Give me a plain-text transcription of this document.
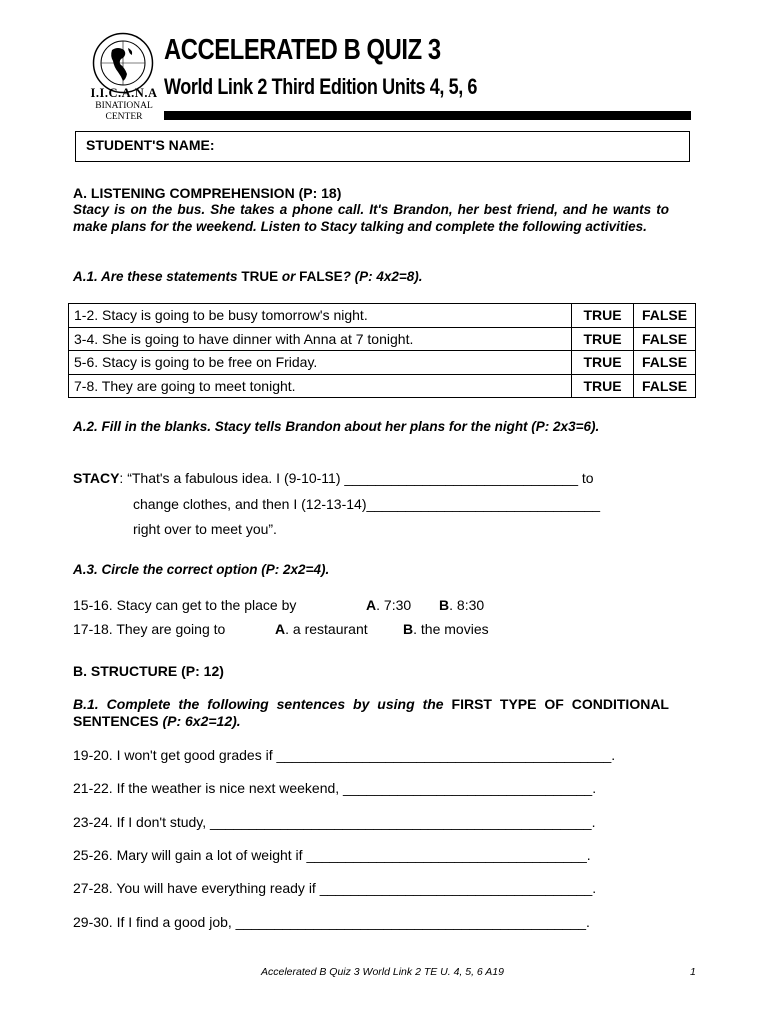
I.I.C.A.N.A
BINATIONAL
CENTER
ACCELERATED B QUIZ 3
World Link 2 Third Edition Units 4, 5, 6
STUDENT'S NAME:
A. LISTENING COMPREHENSION (P: 18)
Stacy is on the bus. She takes a phone call. It's Brandon, her best friend, and he wants to make plans for the weekend. Listen to Stacy talking and complete the following activities.
A.1. Are these statements TRUE or FALSE? (P: 4x2=8).
1-2. Stacy is going to be busy tomorrow's night.	TRUE	FALSE
3-4. She is going to have dinner with Anna at 7 tonight.	TRUE	FALSE
5-6. Stacy is going to be free on Friday.	TRUE	FALSE
7-8. They are going to meet tonight.	TRUE	FALSE
A.2. Fill in the blanks. Stacy tells Brandon about her plans for the night (P: 2x3=6).
STACY: “That's a fabulous idea. I (9-10-11) ______________________________ to
change clothes, and then I (12-13-14)______________________________
right over to meet you”.
A.3. Circle the correct option (P: 2x2=4).
15-16. Stacy can get to the place by	A. 7:30 B. 8:30
17-18. They are going to	A. a restaurant	B. the movies
B. STRUCTURE (P: 12)
B.1. Complete the following sentences by using the FIRST TYPE OF CONDITIONAL SENTENCES (P: 6x2=12).
19-20. I won't get good grades if ___________________________________________.
21-22. If the weather is nice next weekend, ________________________________.
23-24. If I don't study, _________________________________________________.
25-26. Mary will gain a lot of weight if ____________________________________.
27-28. You will have everything ready if ___________________________________.
29-30. If I find a good job, _____________________________________________.
Accelerated B Quiz 3 World Link 2 TE U. 4, 5, 6 A19	1
